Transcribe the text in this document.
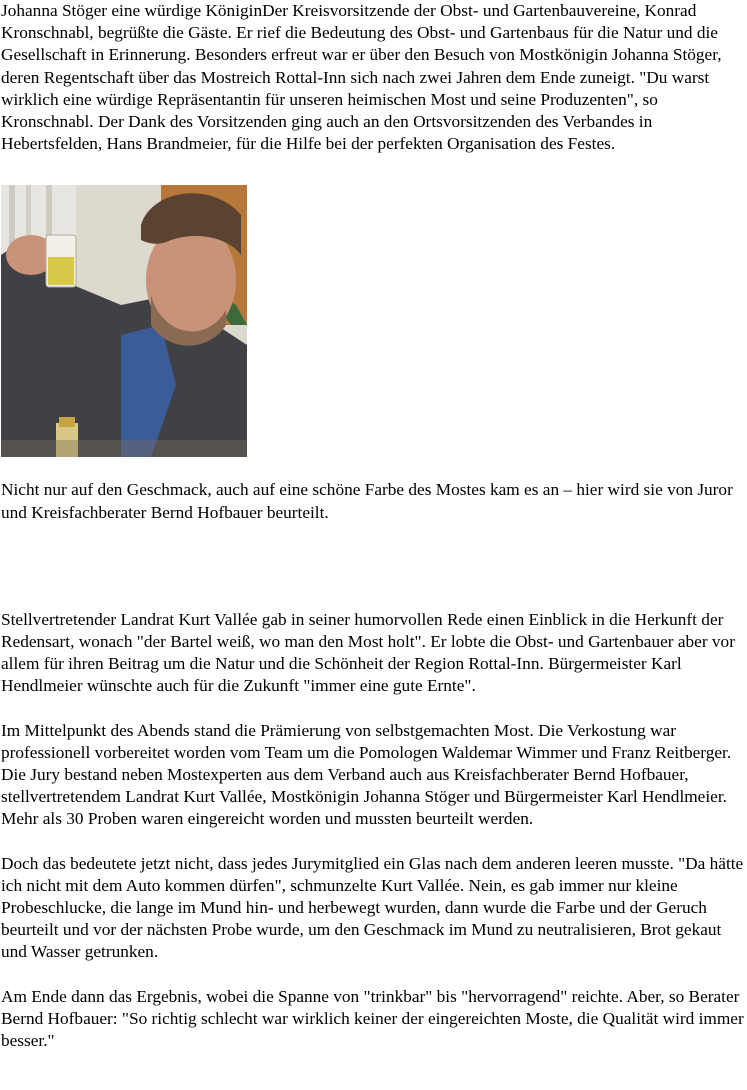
Johanna Stöger eine würdige KöniginDer Kreisvorsitzende der Obst- und Gartenbauvereine, Konrad Kronschnabl, begrüßte die Gäste. Er rief die Bedeutung des Obst- und Gartenbaus für die Natur und die Gesellschaft in Erinnerung. Besonders erfreut war er über den Besuch von Mostkönigin Johanna Stöger, deren Regentschaft über das Mostreich Rottal-Inn sich nach zwei Jahren dem Ende zuneigt. "Du warst wirklich eine würdige Repräsentantin für unseren heimischen Most und seine Produzenten", so Kronschnabl. Der Dank des Vorsitzenden ging auch an den Ortsvorsitzenden des Verbandes in Hebertsfelden, Hans Brandmeier, für die Hilfe bei der perfekten Organisation des Festes.

Nicht nur auf den Geschmack, auch auf eine schöne Farbe des Mostes kam es an – hier wird sie von Juror und Kreisfachberater Bernd Hofbauer beurteilt.

Stellvertretender Landrat Kurt Vallée gab in seiner humorvollen Rede einen Einblick in die Herkunft der Redensart, wonach "der Bartel weiß, wo man den Most holt". Er lobte die Obst- und Gartenbauer aber vor allem für ihren Beitrag um die Natur und die Schönheit der Region Rottal-Inn. Bürgermeister Karl Hendlmeier wünschte auch für die Zukunft "immer eine gute Ernte".

Im Mittelpunkt des Abends stand die Prämierung von selbstgemachten Most. Die Verkostung war professionell vorbereitet worden vom Team um die Pomologen Waldemar Wimmer und Franz Reitberger. Die Jury bestand neben Mostexperten aus dem Verband auch aus Kreisfachberater Bernd Hofbauer, stellvertretendem Landrat Kurt Vallée, Mostkönigin Johanna Stöger und Bürgermeister Karl Hendlmeier. Mehr als 30 Proben waren eingereicht worden und mussten beurteilt werden.

Doch das bedeutete jetzt nicht, dass jedes Jurymitglied ein Glas nach dem anderen leeren musste. "Da hätte ich nicht mit dem Auto kommen dürfen", schmunzelte Kurt Vallée. Nein, es gab immer nur kleine Probeschlucke, die lange im Mund hin- und herbewegt wurden, dann wurde die Farbe und der Geruch beurteilt und vor der nächsten Probe wurde, um den Geschmack im Mund zu neutralisieren, Brot gekaut und Wasser getrunken.

Am Ende dann das Ergebnis, wobei die Spanne von "trinkbar" bis "hervorragend" reichte. Aber, so Berater Bernd Hofbauer: "So richtig schlecht war wirklich keiner der eingereichten Moste, die Qualität wird immer besser."
